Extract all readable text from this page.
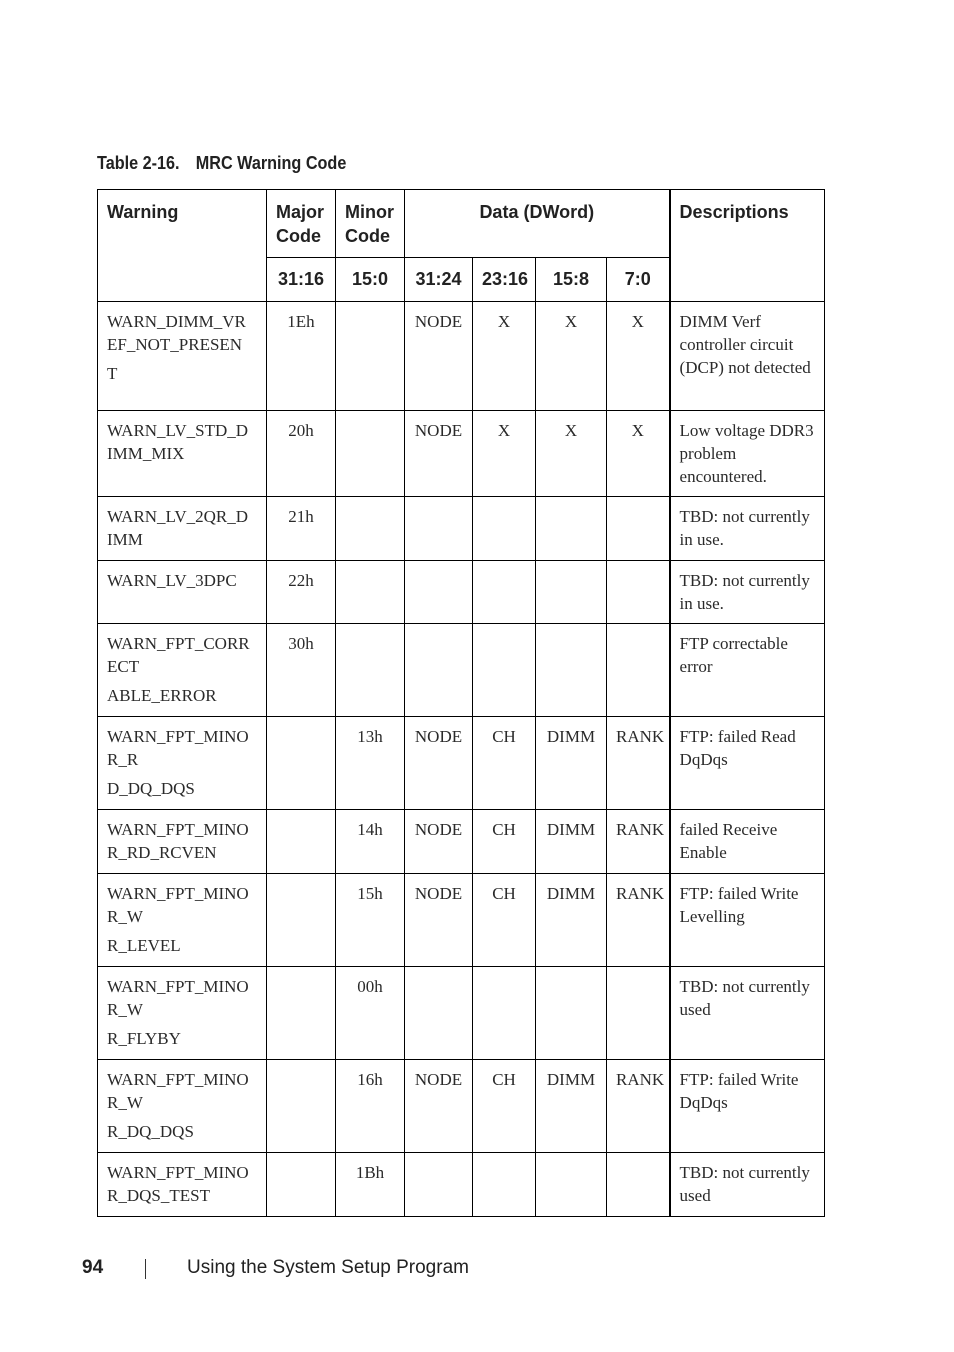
Table 2-16. MRC Warning Code
Warning	Major Code	Minor Code	Data (DWord)				Descriptions
	31:16	15:0	31:24	23:16	15:8	7:0	

WARN_DIMM_VR
EF_NOT_PRESEN
T	1Eh		NODE	X	X	X	DIMM Verf controller circuit (DCP) not detected

WARN_LV_STD_D
IMM_MIX	20h		NODE	X	X	X	Low voltage DDR3 problem encountered.

WARN_LV_2QR_D
IMM	21h						TBD: not currently in use.

WARN_LV_3DPC	22h						TBD: not currently in use.

WARN_FPT_CORR
ECT
ABLE_ERROR	30h						FTP correctable error

WARN_FPT_MINO
R_R
D_DQ_DQS		13h	NODE	CH	DIMM	RANK	FTP: failed Read DqDqs

WARN_FPT_MINO
R_RD_RCVEN		14h	NODE	CH	DIMM	RANK	failed Receive Enable

WARN_FPT_MINO
R_W
R_LEVEL		15h	NODE	CH	DIMM	RANK	FTP: failed Write Levelling

WARN_FPT_MINO
R_W
R_FLYBY		00h					TBD: not currently used

WARN_FPT_MINO
R_W
R_DQ_DQS		16h	NODE	CH	DIMM	RANK	FTP: failed Write DqDqs

WARN_FPT_MINO
R_DQS_TEST		1Bh					TBD: not currently used
94	Using the System Setup Program
